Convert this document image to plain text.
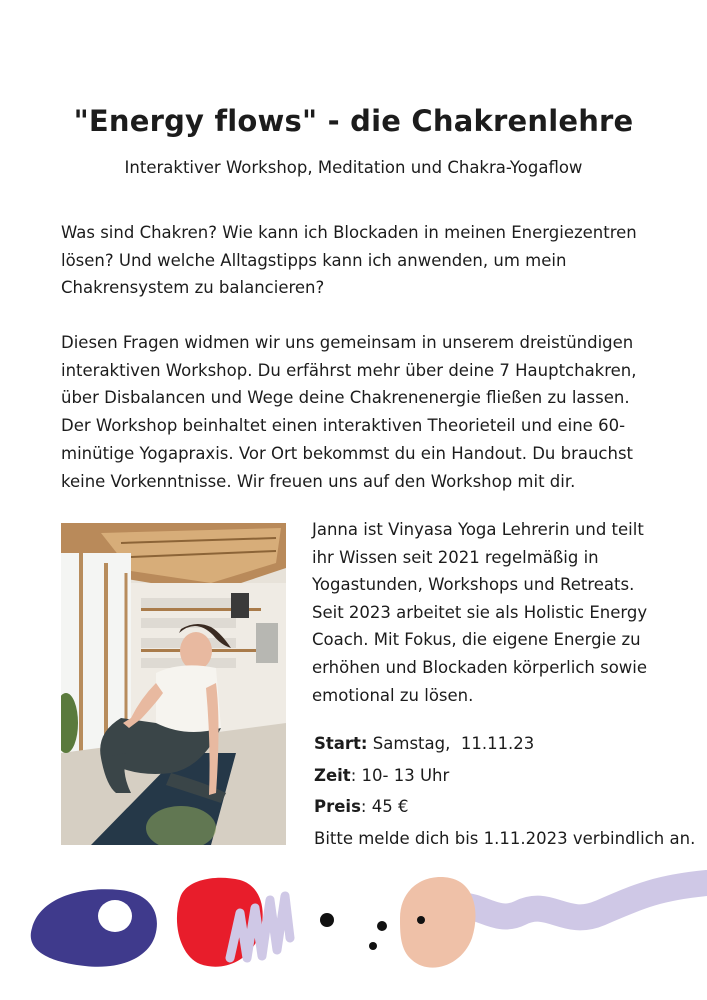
"Energy flows" - die Chakrenlehre
Interaktiver Workshop, Meditation und Chakra-Yogaflow
Was sind Chakren? Wie kann ich Blockaden in meinen Energiezentren
lösen? Und welche Alltagstipps kann ich anwenden, um mein
Chakrensystem zu balancieren?
Diesen Fragen widmen wir uns gemeinsam in unserem dreistündigen
interaktiven Workshop. Du erfährst mehr über deine 7 Hauptchakren,
über Disbalancen und Wege deine Chakrenenergie fließen zu lassen.
Der Workshop beinhaltet einen interaktiven Theorieteil und eine 60-
minütige Yogapraxis. Vor Ort bekommst du ein Handout. Du brauchst
keine Vorkenntnisse. Wir freuen uns auf den Workshop mit dir.
Janna ist Vinyasa Yoga Lehrerin und teilt
ihr Wissen seit 2021 regelmäßig in
Yogastunden, Workshops und Retreats.
Seit 2023 arbeitet sie als Holistic Energy
Coach. Mit Fokus, die eigene Energie zu
erhöhen und Blockaden körperlich sowie
emotional zu lösen.
Start: Samstag,  11.11.23
Zeit: 10- 13 Uhr
Preis: 45 €
Bitte melde dich bis 1.11.2023 verbindlich an.
